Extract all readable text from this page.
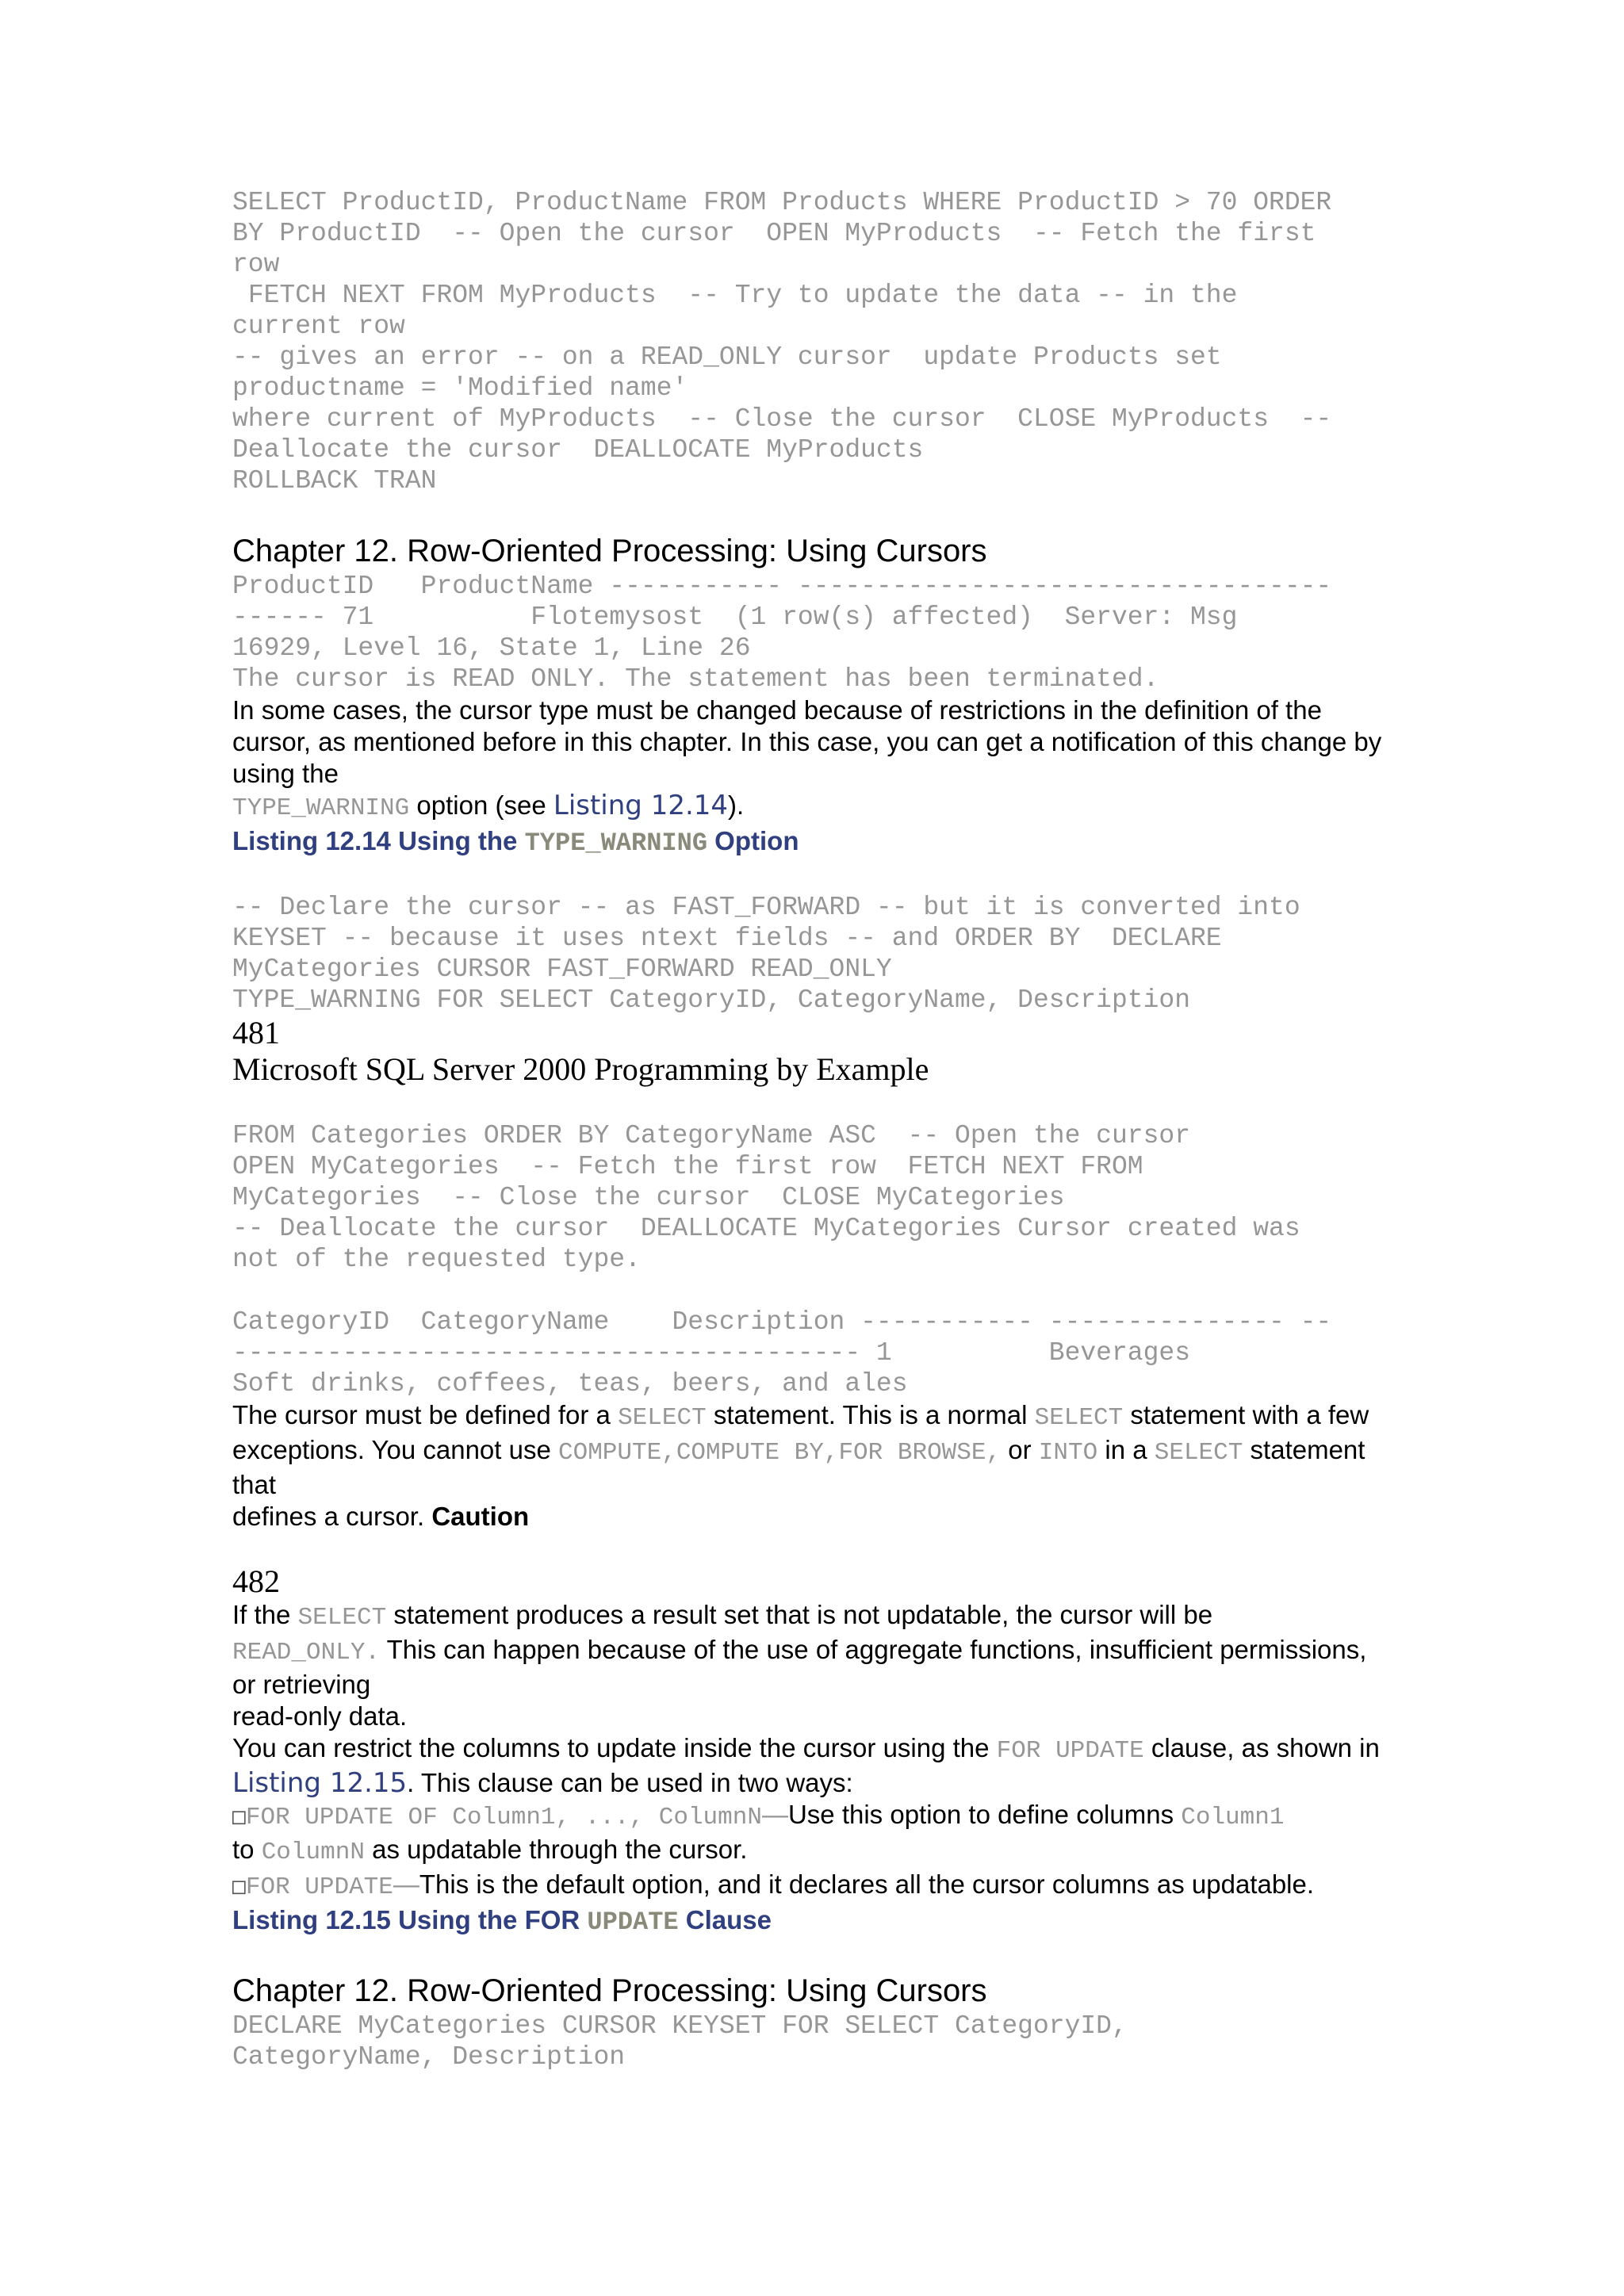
SELECT ProductID, ProductName FROM Products WHERE ProductID > 70 ORDER
BY ProductID  -- Open the cursor  OPEN MyProducts  -- Fetch the first
row
FETCH NEXT FROM MyProducts  -- Try to update the data -- in the
current row
-- gives an error -- on a READ_ONLY cursor  update Products set
productname = 'Modified name'
where current of MyProducts  -- Close the cursor  CLOSE MyProducts  --
Deallocate the cursor  DEALLOCATE MyProducts
ROLLBACK TRAN

Chapter 12. Row-Oriented Processing: Using Cursors

ProductID   ProductName ----------- ----------------------------------
------ 71          Flotemysost  (1 row(s) affected)  Server: Msg
16929, Level 16, State 1, Line 26
The cursor is READ ONLY. The statement has been terminated.

In some cases, the cursor type must be changed because of restrictions in the definition of the cursor, as mentioned before in this chapter. In this case, you can get a notification of this change by using the

TYPE_WARNING option (see Listing 12.14).

Listing 12.14 Using the TYPE_WARNING Option

-- Declare the cursor -- as FAST_FORWARD -- but it is converted into
KEYSET -- because it uses ntext fields -- and ORDER BY  DECLARE
MyCategories CURSOR FAST_FORWARD READ_ONLY
TYPE_WARNING FOR SELECT CategoryID, CategoryName, Description

481

Microsoft SQL Server 2000 Programming by Example

FROM Categories ORDER BY CategoryName ASC  -- Open the cursor
OPEN MyCategories  -- Fetch the first row  FETCH NEXT FROM
MyCategories  -- Close the cursor  CLOSE MyCategories
-- Deallocate the cursor  DEALLOCATE MyCategories Cursor created was
not of the requested type.
CategoryID  CategoryName    Description ----------- --------------- --
---------------------------------------- 1          Beverages
Soft drinks, coffees, teas, beers, and ales

The cursor must be defined for a SELECT statement. This is a normal SELECT statement with a few exceptions. You cannot use COMPUTE,COMPUTE BY,FOR BROWSE, or INTO in a SELECT statement that

defines a cursor. Caution

482

If the SELECT statement produces a result set that is not updatable, the cursor will be

READ_ONLY. This can happen because of the use of aggregate functions, insufficient permissions, or retrieving

read-only data.

You can restrict the columns to update inside the cursor using the FOR UPDATE clause, as shown in Listing 12.15. This clause can be used in two ways:

□FOR UPDATE OF Column1, ..., ColumnN—Use this option to define columns Column1

to ColumnN as updatable through the cursor.

□FOR UPDATE—This is the default option, and it declares all the cursor columns as updatable.

Listing 12.15 Using the FOR UPDATE Clause

Chapter 12. Row-Oriented Processing: Using Cursors

DECLARE MyCategories CURSOR KEYSET FOR SELECT CategoryID,
CategoryName, Description
